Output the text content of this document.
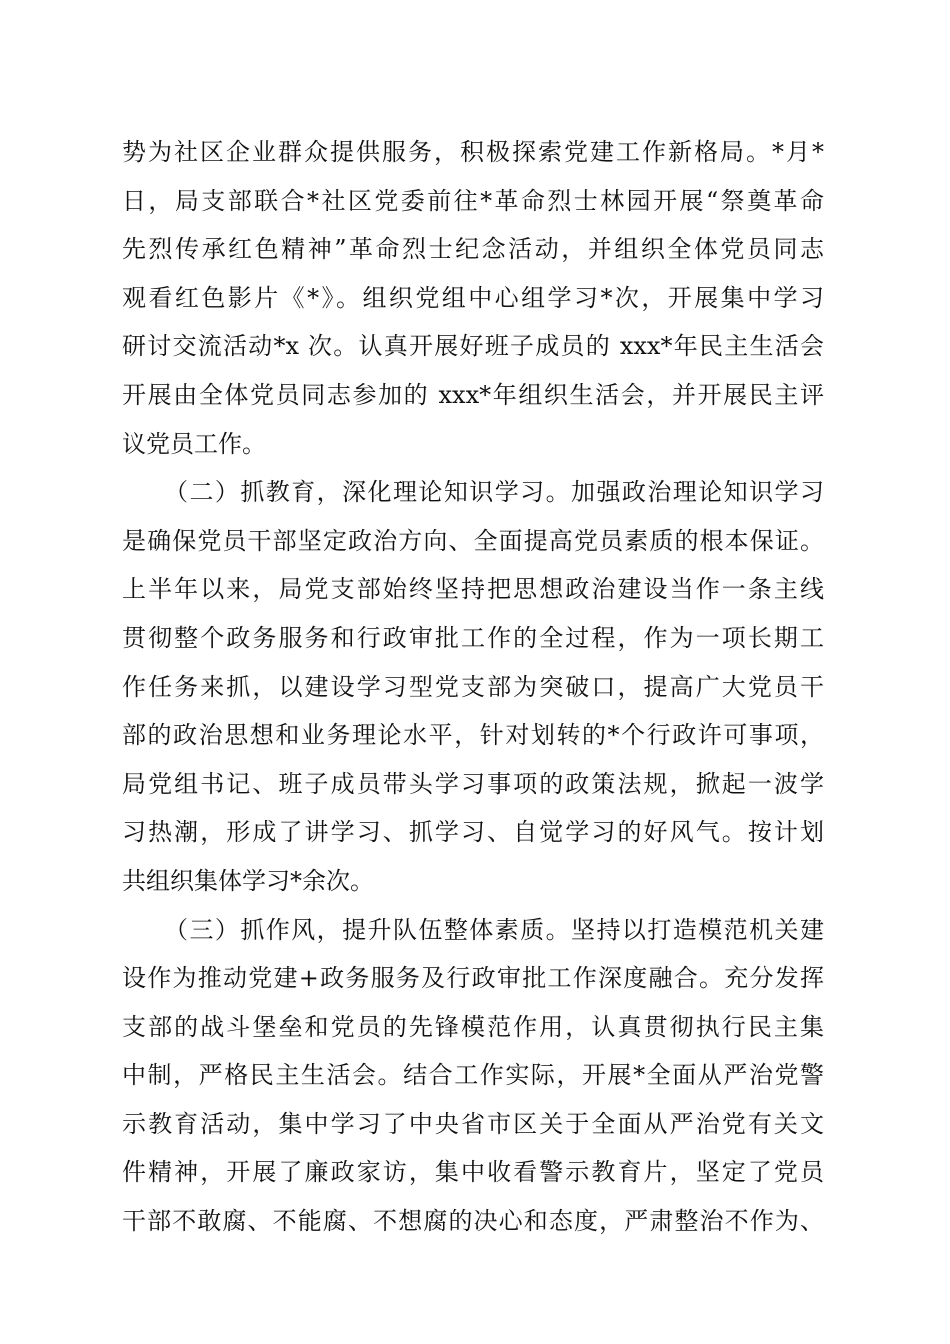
势为社区企业群众提供服务，积极探索党建工作新格局。*月*
日，局支部联合*社区党委前往*革命烈士林园开展“祭奠革命
先烈传承红色精神”革命烈士纪念活动，并组织全体党员同志
观看红色影片《*》。组织党组中心组学习*次，开展集中学习
研讨交流活动*x 次。认真开展好班子成员的 xxx*年民主生活会
开展由全体党员同志参加的 xxx*年组织生活会，并开展民主评
议党员工作。
（二）抓教育，深化理论知识学习。加强政治理论知识学习
是确保党员干部坚定政治方向、全面提高党员素质的根本保证。
上半年以来，局党支部始终坚持把思想政治建设当作一条主线
贯彻整个政务服务和行政审批工作的全过程，作为一项长期工
作任务来抓，以建设学习型党支部为突破口，提高广大党员干
部的政治思想和业务理论水平，针对划转的*个行政许可事项，
局党组书记、班子成员带头学习事项的政策法规，掀起一波学
习热潮，形成了讲学习、抓学习、自觉学习的好风气。按计划
共组织集体学习*余次。
（三）抓作风，提升队伍整体素质。坚持以打造模范机关建
设作为推动党建+政务服务及行政审批工作深度融合。充分发挥
支部的战斗堡垒和党员的先锋模范作用，认真贯彻执行民主集
中制，严格民主生活会。结合工作实际，开展*全面从严治党警
示教育活动，集中学习了中央省市区关于全面从严治党有关文
件精神，开展了廉政家访，集中收看警示教育片，坚定了党员
干部不敢腐、不能腐、不想腐的决心和态度，严肃整治不作为、
